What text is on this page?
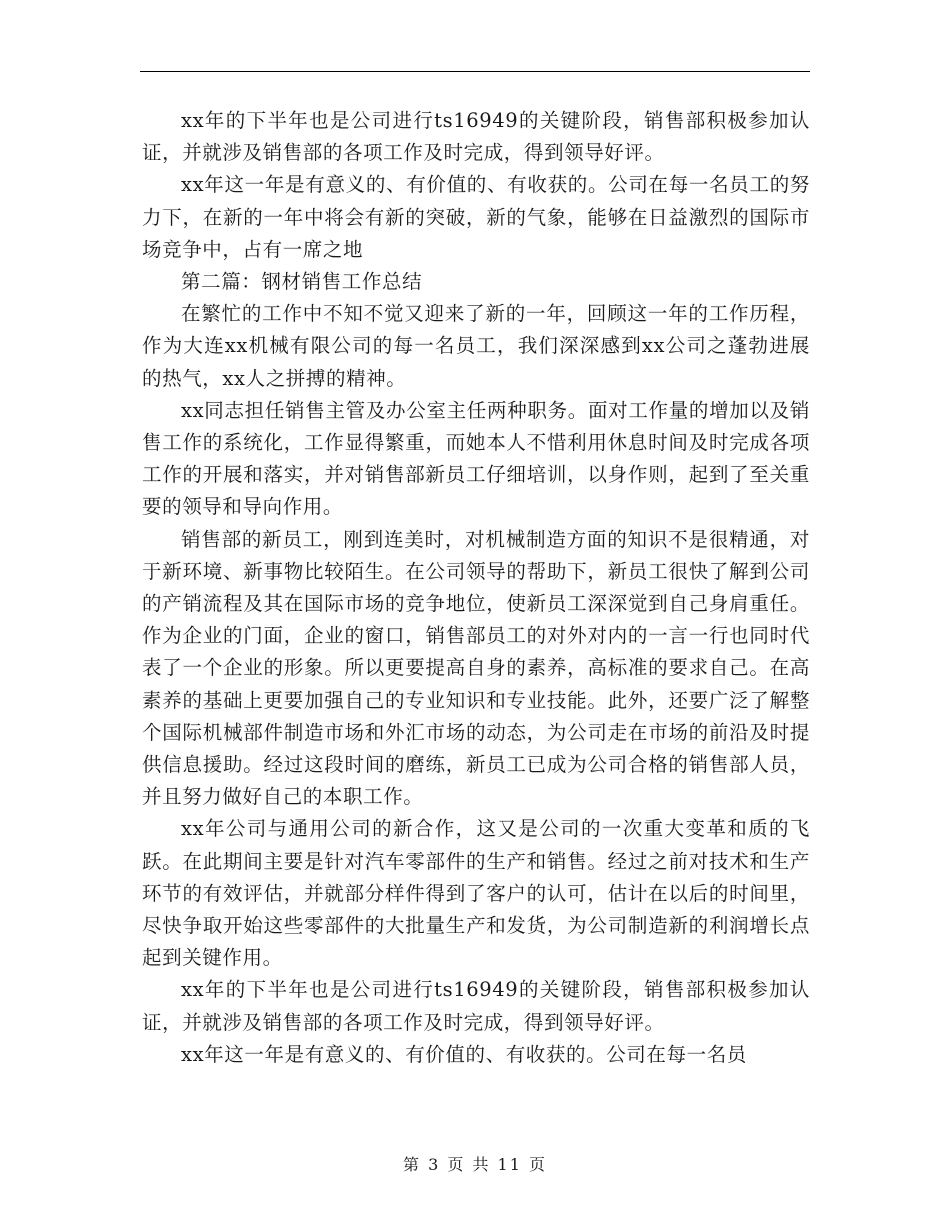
xx年的下半年也是公司进行ts16949的关键阶段，销售部积极参加认证，并就涉及销售部的各项工作及时完成，得到领导好评。

xx年这一年是有意义的、有价值的、有收获的。公司在每一名员工的努力下，在新的一年中将会有新的突破，新的气象，能够在日益激烈的国际市场竞争中，占有一席之地

第二篇：钢材销售工作总结

在繁忙的工作中不知不觉又迎来了新的一年，回顾这一年的工作历程，作为大连xx机械有限公司的每一名员工，我们深深感到xx公司之蓬勃进展的热气，xx人之拼搏的精神。

xx同志担任销售主管及办公室主任两种职务。面对工作量的增加以及销售工作的系统化，工作显得繁重，而她本人不惜利用休息时间及时完成各项工作的开展和落实，并对销售部新员工仔细培训，以身作则，起到了至关重要的领导和导向作用。

销售部的新员工，刚到连美时，对机械制造方面的知识不是很精通，对于新环境、新事物比较陌生。在公司领导的帮助下，新员工很快了解到公司的产销流程及其在国际市场的竞争地位，使新员工深深觉到自己身肩重任。作为企业的门面，企业的窗口，销售部员工的对外对内的一言一行也同时代表了一个企业的形象。所以更要提高自身的素养，高标准的要求自己。在高素养的基础上更要加强自己的专业知识和专业技能。此外，还要广泛了解整个国际机械部件制造市场和外汇市场的动态，为公司走在市场的前沿及时提供信息援助。经过这段时间的磨练，新员工已成为公司合格的销售部人员，并且努力做好自己的本职工作。

xx年公司与通用公司的新合作，这又是公司的一次重大变革和质的飞跃。在此期间主要是针对汽车零部件的生产和销售。经过之前对技术和生产环节的有效评估，并就部分样件得到了客户的认可，估计在以后的时间里，尽快争取开始这些零部件的大批量生产和发货，为公司制造新的利润增长点起到关键作用。

xx年的下半年也是公司进行ts16949的关键阶段，销售部积极参加认证，并就涉及销售部的各项工作及时完成，得到领导好评。

xx年这一年是有意义的、有价值的、有收获的。公司在每一名员

第 3 页 共 11 页
